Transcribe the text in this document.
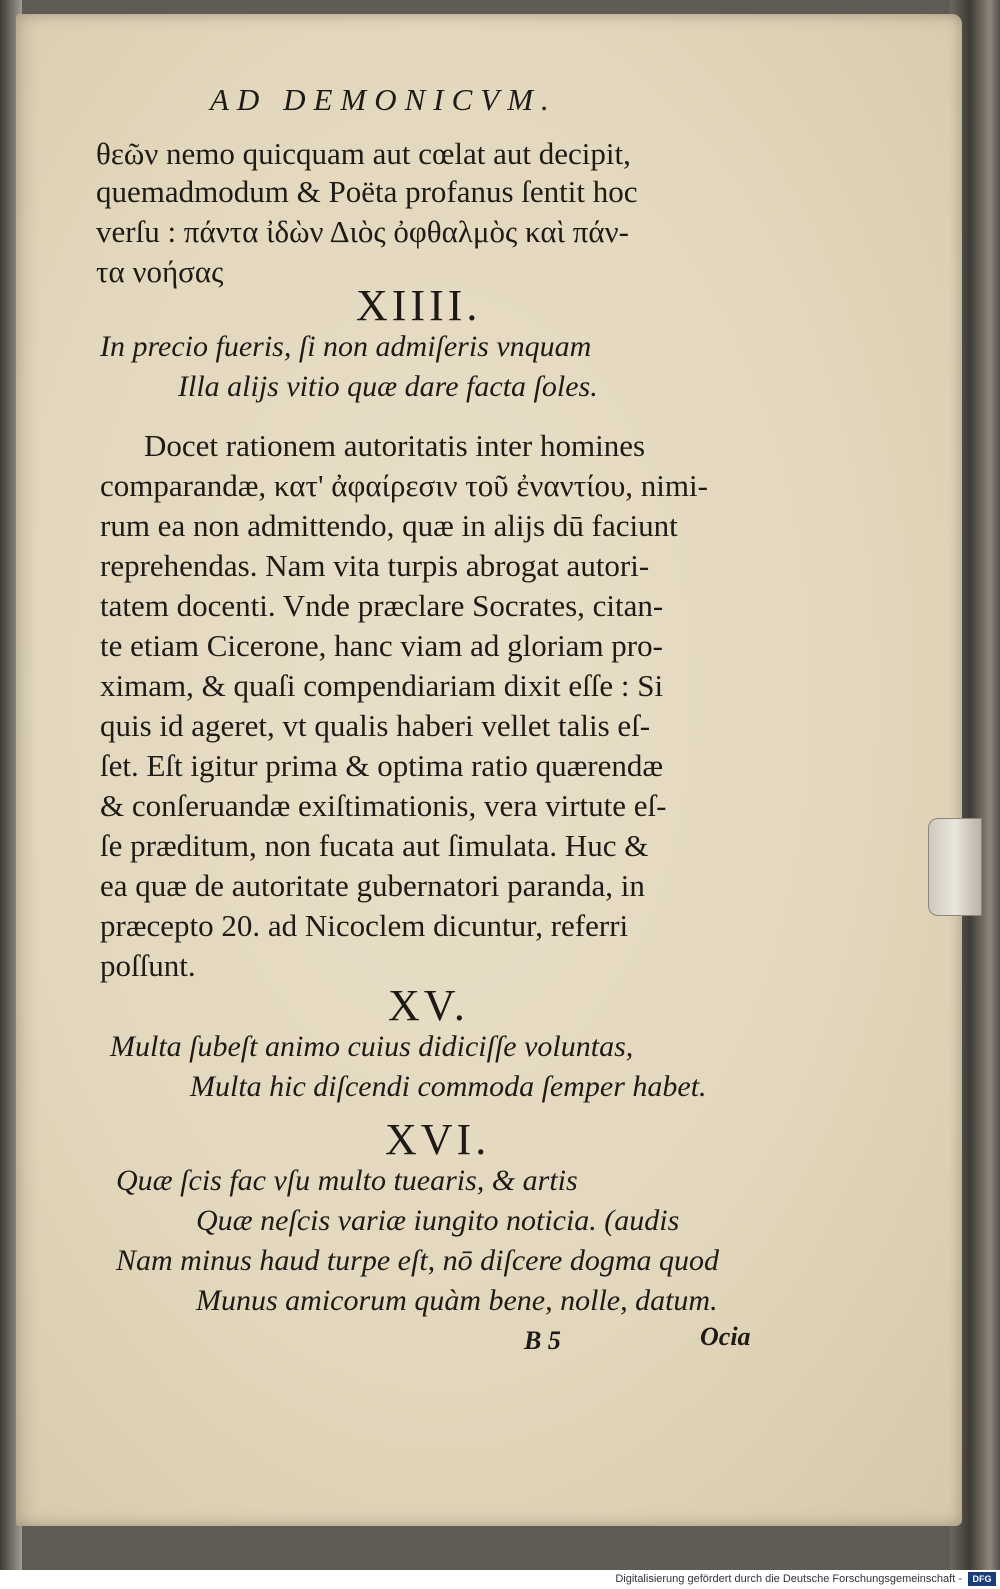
AD DEMONICVM.
θεῶν nemo quicquam aut cœlat aut decipit,
quemadmodum & Poëta profanus ſentit hoc
verſu : πάντα ἰδὼν Διὸς ὀφθαλμὸς καὶ πάν-
τα νοήσας
XIIII.
In precio fueris, ſi non admiſeris vnquam
Illa aliјs vitio quæ dare facta ſoles.
Docet rationem autoritatis inter homines
comparandæ, κατ' ἀφαίρεσιν τοῦ ἐναντίου, nimi-
rum ea non admittendo, quæ in aliјs dū faciunt
reprehendas. Nam vita turpis abrogat autori-
tatem docenti. Vnde præclare Socrates, citan-
te etiam Cicerone, hanc viam ad gloriam pro-
ximam, & quaſi compendiariam dixit eſſe : Si
quis id ageret, vt qualis haberi vellet talis eſ-
ſet. Eſt igitur prima & optima ratio quærendæ
& conſeruandæ exiſtimationis, vera virtute eſ-
ſe præditum, non fucata aut ſimulata. Huc &
ea quæ de autoritate gubernatori paranda, in
præcepto 20. ad Nicoclem dicuntur, referri
poſſunt.
XV.
Multa ſubeſt animo cuius didiciſſe voluntas,
Multa hic diſcendi commoda ſemper habet.
XVI.
Quæ ſcis fac vſu multo tuearis, & artis
Quæ neſcis variæ iungito noticia. (audis
Nam minus haud turpe eſt, nō diſcere dogma quod
Munus amicorum quàm bene, nolle, datum.
B 5	Ocia
Digitalisierung gefördert durch die Deutsche Forschungsgemeinschaft -	DFG
